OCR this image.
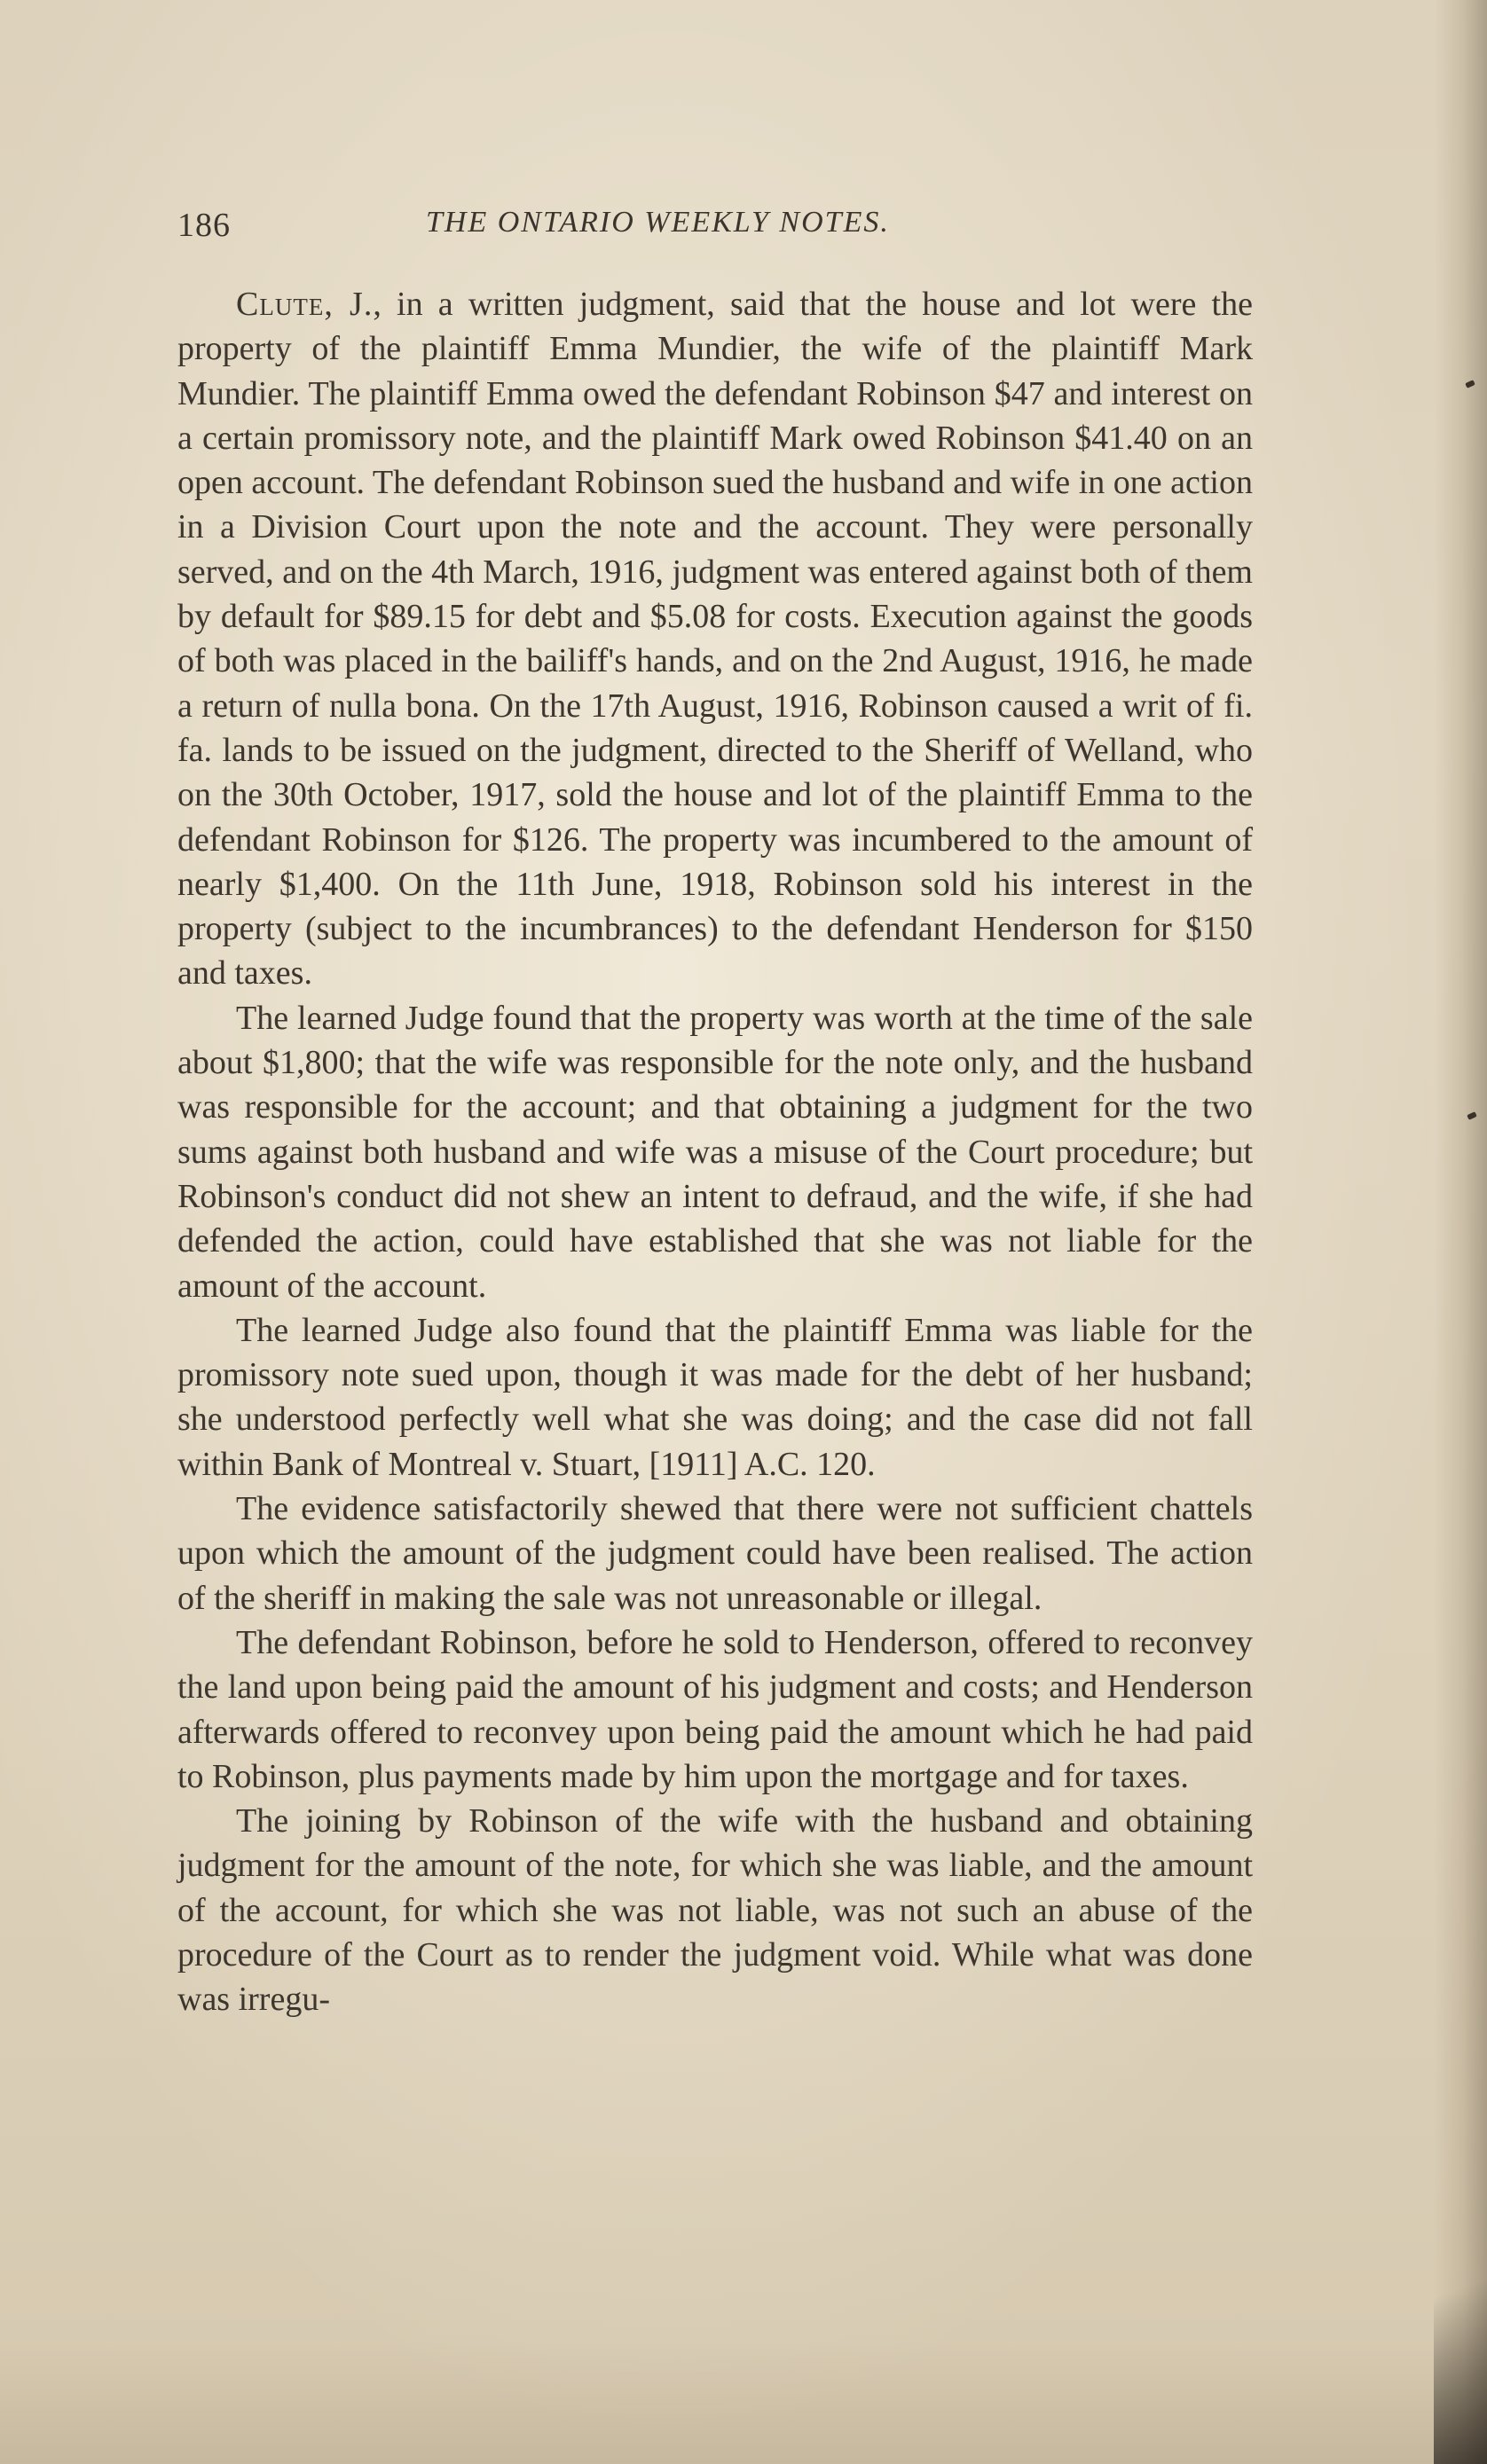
186	THE ONTARIO WEEKLY NOTES.

Clute, J., in a written judgment, said that the house and lot were the property of the plaintiff Emma Mundier, the wife of the plaintiff Mark Mundier. The plaintiff Emma owed the defendant Robinson $47 and interest on a certain promissory note, and the plaintiff Mark owed Robinson $41.40 on an open account. The defendant Robinson sued the husband and wife in one action in a Division Court upon the note and the account. They were personally served, and on the 4th March, 1916, judgment was entered against both of them by default for $89.15 for debt and $5.08 for costs. Execution against the goods of both was placed in the bailiff's hands, and on the 2nd August, 1916, he made a return of nulla bona. On the 17th August, 1916, Robinson caused a writ of fi. fa. lands to be issued on the judgment, directed to the Sheriff of Welland, who on the 30th October, 1917, sold the house and lot of the plaintiff Emma to the defendant Robinson for $126. The property was incumbered to the amount of nearly $1,400. On the 11th June, 1918, Robinson sold his interest in the property (subject to the incumbrances) to the defendant Henderson for $150 and taxes.

The learned Judge found that the property was worth at the time of the sale about $1,800; that the wife was responsible for the note only, and the husband was responsible for the account; and that obtaining a judgment for the two sums against both husband and wife was a misuse of the Court procedure; but Robinson's conduct did not shew an intent to defraud, and the wife, if she had defended the action, could have established that she was not liable for the amount of the account.

The learned Judge also found that the plaintiff Emma was liable for the promissory note sued upon, though it was made for the debt of her husband; she understood perfectly well what she was doing; and the case did not fall within Bank of Montreal v. Stuart, [1911] A.C. 120.

The evidence satisfactorily shewed that there were not sufficient chattels upon which the amount of the judgment could have been realised. The action of the sheriff in making the sale was not unreasonable or illegal.

The defendant Robinson, before he sold to Henderson, offered to reconvey the land upon being paid the amount of his judgment and costs; and Henderson afterwards offered to reconvey upon being paid the amount which he had paid to Robinson, plus payments made by him upon the mortgage and for taxes.

The joining by Robinson of the wife with the husband and obtaining judgment for the amount of the note, for which she was liable, and the amount of the account, for which she was not liable, was not such an abuse of the procedure of the Court as to render the judgment void. While what was done was irregu-
